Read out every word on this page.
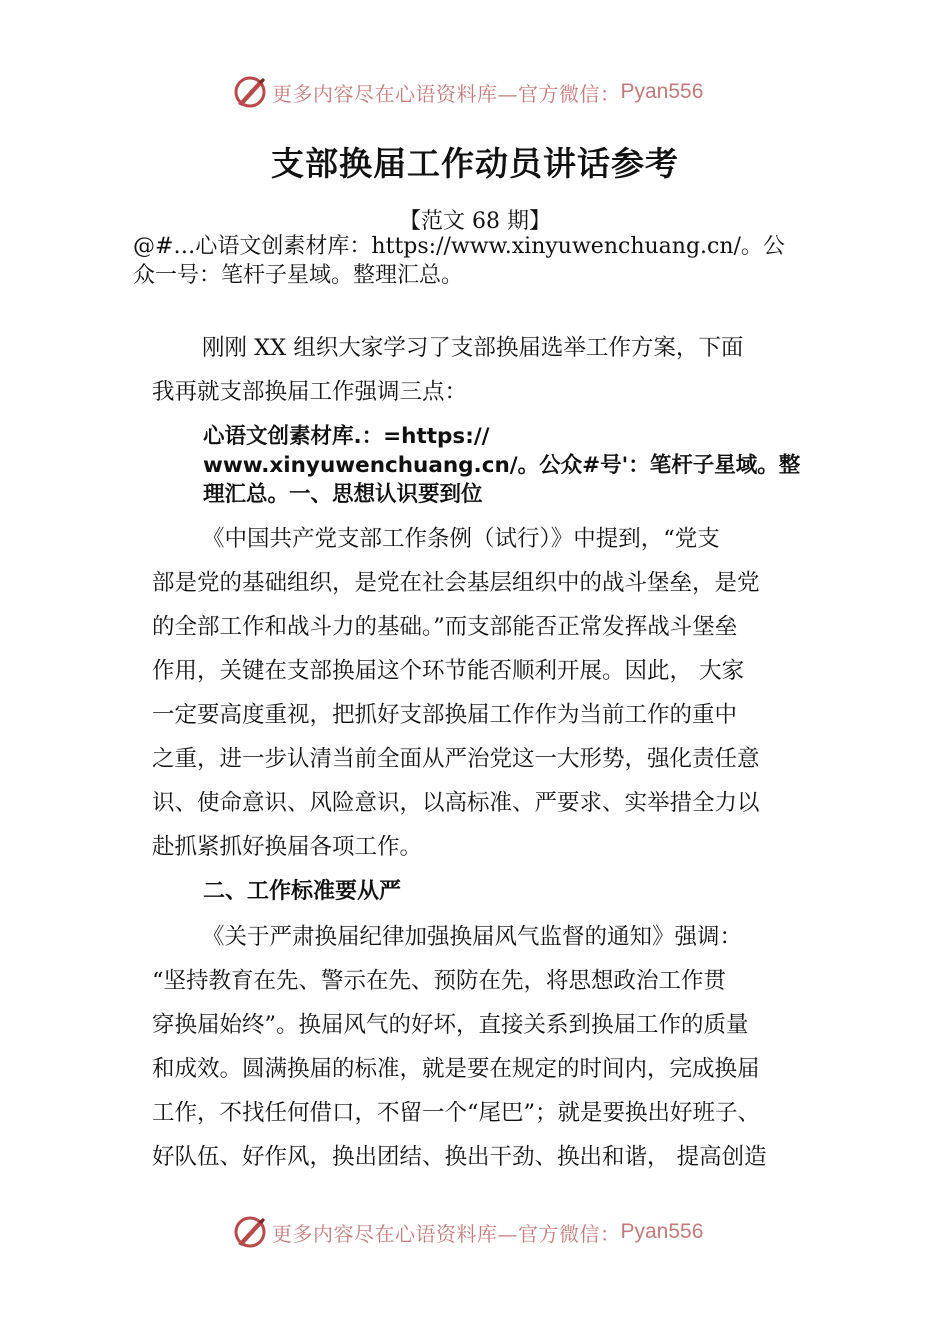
更多内容尽在心语资料库—官方微信： Pyan556
支部换届工作动员讲话参考
【范文 68 期】
@#…心语文创素材库：https://www.xinyuwenchuang.cn/。公
众一号：笔杆子星域。整理汇总。
刚刚 XX 组织大家学习了支部换届选举工作方案，下面
我再就支部换届工作强调三点：
心语文创素材库.：=https://
www.xinyuwenchuang.cn/。公众#号'：笔杆子星域。整
理汇总。一、思想认识要到位
《中国共产党支部工作条例（试行）》中提到，“党支
部是党的基础组织，是党在社会基层组织中的战斗堡垒，是党
的全部工作和战斗力的基础。”而支部能否正常发挥战斗堡垒
作用，关键在支部换届这个环节能否顺利开展。因此， 大家
一定要高度重视，把抓好支部换届工作作为当前工作的重中
之重，进一步认清当前全面从严治党这一大形势，强化责任意
识、使命意识、风险意识，以高标准、严要求、实举措全力以
赴抓紧抓好换届各项工作。
二、工作标准要从严
《关于严肃换届纪律加强换届风气监督的通知》强调：
“坚持教育在先、警示在先、预防在先，将思想政治工作贯
穿换届始终”。换届风气的好坏，直接关系到换届工作的质量
和成效。圆满换届的标准，就是要在规定的时间内，完成换届
工作，不找任何借口，不留一个“尾巴”；就是要换出好班子、
好队伍、好作风，换出团结、换出干劲、换出和谐， 提高创造
更多内容尽在心语资料库—官方微信： Pyan556
